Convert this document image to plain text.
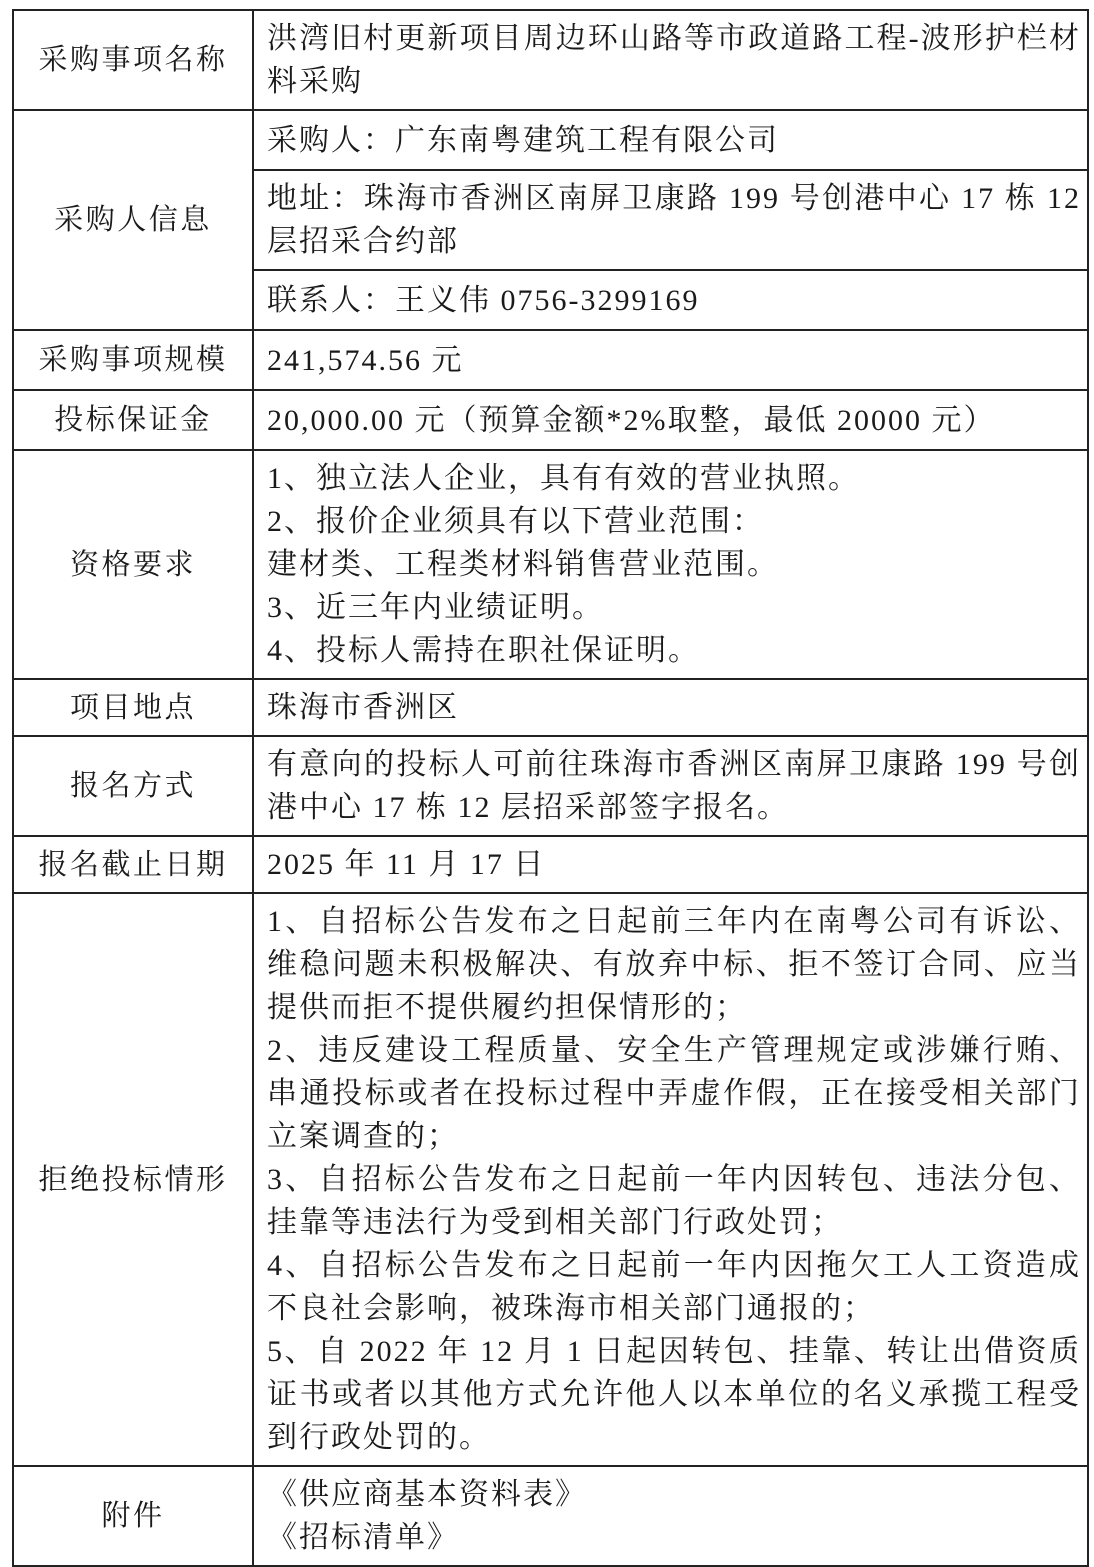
采购事项名称	洪湾旧村更新项目周边环山路等市政道路工程-波形护栏材料采购
采购人信息	采购人：广东南粤建筑工程有限公司
	地址：珠海市香洲区南屏卫康路 199 号创港中心 17 栋 12 层招采合约部
	联系人：王义伟 0756-3299169
采购事项规模	241,574.56 元
投标保证金	20,000.00 元（预算金额*2%取整，最低 20000 元）
资格要求	1、独立法人企业，具有有效的营业执照。
2、报价企业须具有以下营业范围：
建材类、工程类材料销售营业范围。
3、近三年内业绩证明。
4、投标人需持在职社保证明。

项目地点	珠海市香洲区
报名方式	有意向的投标人可前往珠海市香洲区南屏卫康路 199 号创港中心 17 栋 12 层招采部签字报名。
报名截止日期	2025 年 11 月 17 日
拒绝投标情形	1、自招标公告发布之日起前三年内在南粤公司有诉讼、维稳问题未积极解决、有放弃中标、拒不签订合同、应当提供而拒不提供履约担保情形的；
2、违反建设工程质量、安全生产管理规定或涉嫌行贿、串通投标或者在投标过程中弄虚作假，正在接受相关部门立案调查的；
3、自招标公告发布之日起前一年内因转包、违法分包、挂靠等违法行为受到相关部门行政处罚；
4、自招标公告发布之日起前一年内因拖欠工人工资造成不良社会影响，被珠海市相关部门通报的；
5、自 2022 年 12 月 1 日起因转包、挂靠、转让出借资质证书或者以其他方式允许他人以本单位的名义承揽工程受到行政处罚的。

附件	《供应商基本资料表》
《招标清单》
